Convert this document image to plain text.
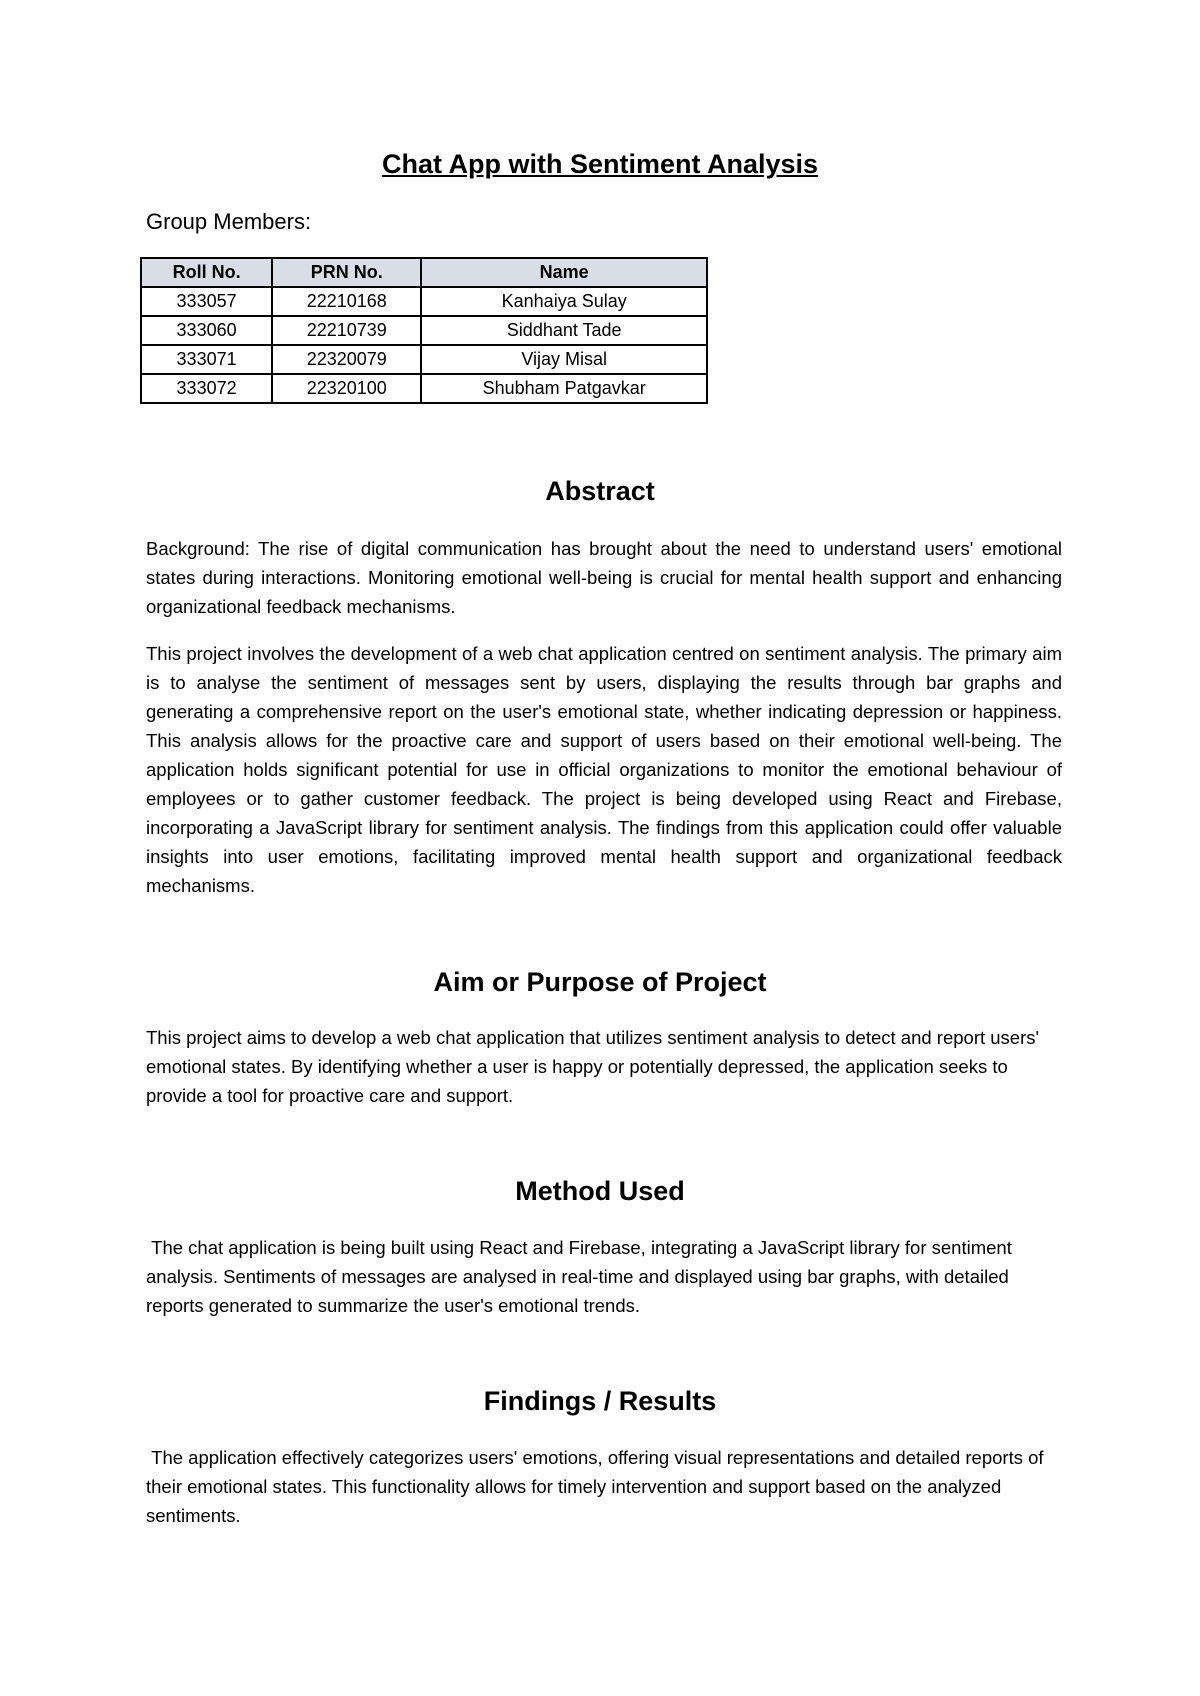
Chat App with Sentiment Analysis

Group Members:

Roll No.	PRN No.	Name
333057	22210168	Kanhaiya Sulay
333060	22210739	Siddhant Tade
333071	22320079	Vijay Misal
333072	22320100	Shubham Patgavkar
Abstract

Background: The rise of digital communication has brought about the need to understand users' emotional states during interactions. Monitoring emotional well-being is crucial for mental health support and enhancing organizational feedback mechanisms.

This project involves the development of a web chat application centred on sentiment analysis. The primary aim is to analyse the sentiment of messages sent by users, displaying the results through bar graphs and generating a comprehensive report on the user's emotional state, whether indicating depression or happiness. This analysis allows for the proactive care and support of users based on their emotional well-being. The application holds significant potential for use in official organizations to monitor the emotional behaviour of employees or to gather customer feedback. The project is being developed using React and Firebase, incorporating a JavaScript library for sentiment analysis. The findings from this application could offer valuable insights into user emotions, facilitating improved mental health support and organizational feedback mechanisms.

Aim or Purpose of Project

This project aims to develop a web chat application that utilizes sentiment analysis to detect and report users' emotional states. By identifying whether a user is happy or potentially depressed, the application seeks to provide a tool for proactive care and support.

Method Used

The chat application is being built using React and Firebase, integrating a JavaScript library for sentiment analysis. Sentiments of messages are analysed in real-time and displayed using bar graphs, with detailed reports generated to summarize the user's emotional trends.

Findings / Results

The application effectively categorizes users' emotions, offering visual representations and detailed reports of their emotional states. This functionality allows for timely intervention and support based on the analyzed sentiments.
